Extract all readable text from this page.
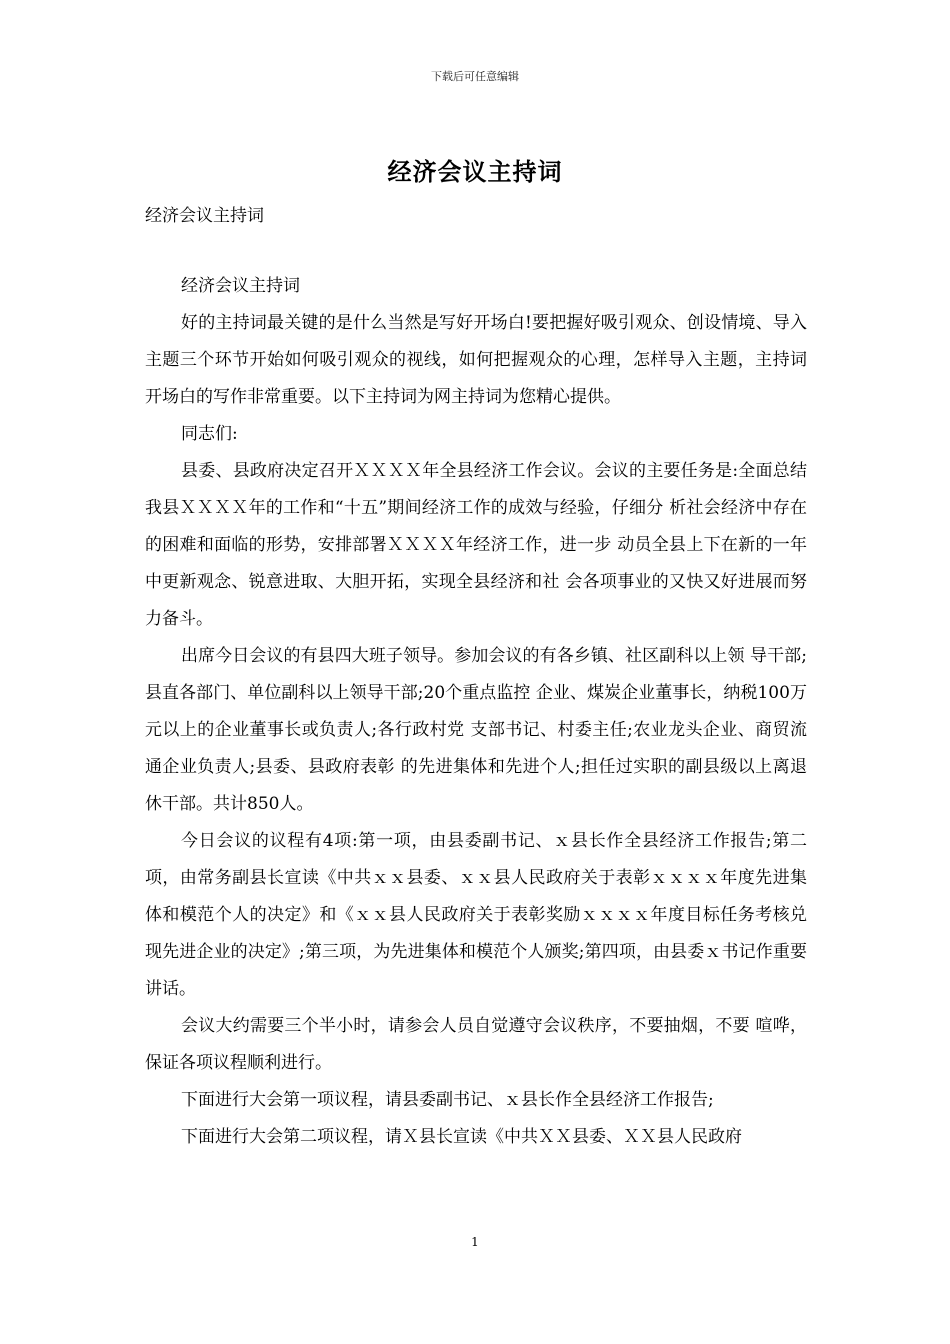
下载后可任意编辑
经济会议主持词
经济会议主持词

经济会议主持词

好的主持词最关键的是什么当然是写好开场白!要把握好吸引观众、创设情境、导入主题三个环节开始如何吸引观众的视线，如何把握观众的心理，怎样导入主题，主持词开场白的写作非常重要。以下主持词为网主持词为您精心提供。

同志们:

县委、县政府决定召开ＸＸＸＸ年全县经济工作会议。会议的主要任务是:全面总结我县ＸＸＸＸ年的工作和“十五”期间经济工作的成效与经验，仔细分 析社会经济中存在的困难和面临的形势，安排部署ＸＸＸＸ年经济工作，进一步 动员全县上下在新的一年中更新观念、锐意进取、大胆开拓，实现全县经济和社 会各项事业的又快又好进展而努力备斗。

出席今日会议的有县四大班子领导。参加会议的有各乡镇、社区副科以上领 导干部;县直各部门、单位副科以上领导干部;20个重点监控 企业、煤炭企业董事长，纳税100万元以上的企业董事长或负责人;各行政村党 支部书记、村委主任;农业龙头企业、商贸流通企业负责人;县委、县政府表彰 的先进集体和先进个人;担任过实职的副县级以上离退休干部。共计850人。

今日会议的议程有4项:第一项，由县委副书记、ｘ县长作全县经济工作报告;第二项，由常务副县长宣读《中共ｘｘ县委、ｘｘ县人民政府关于表彰ｘｘｘｘ年度先进集体和模范个人的决定》和《ｘｘ县人民政府关于表彰奖励ｘｘｘｘ年度目标任务考核兑现先进企业的决定》;第三项，为先进集体和模范个人颁奖;第四项，由县委ｘ书记作重要讲话。

会议大约需要三个半小时，请参会人员自觉遵守会议秩序，不要抽烟，不要 喧哗，保证各项议程顺利进行。

下面进行大会第一项议程，请县委副书记、ｘ县长作全县经济工作报告;

下面进行大会第二项议程，请Ｘ县长宣读《中共ＸＸ县委、ＸＸ县人民政府

1
